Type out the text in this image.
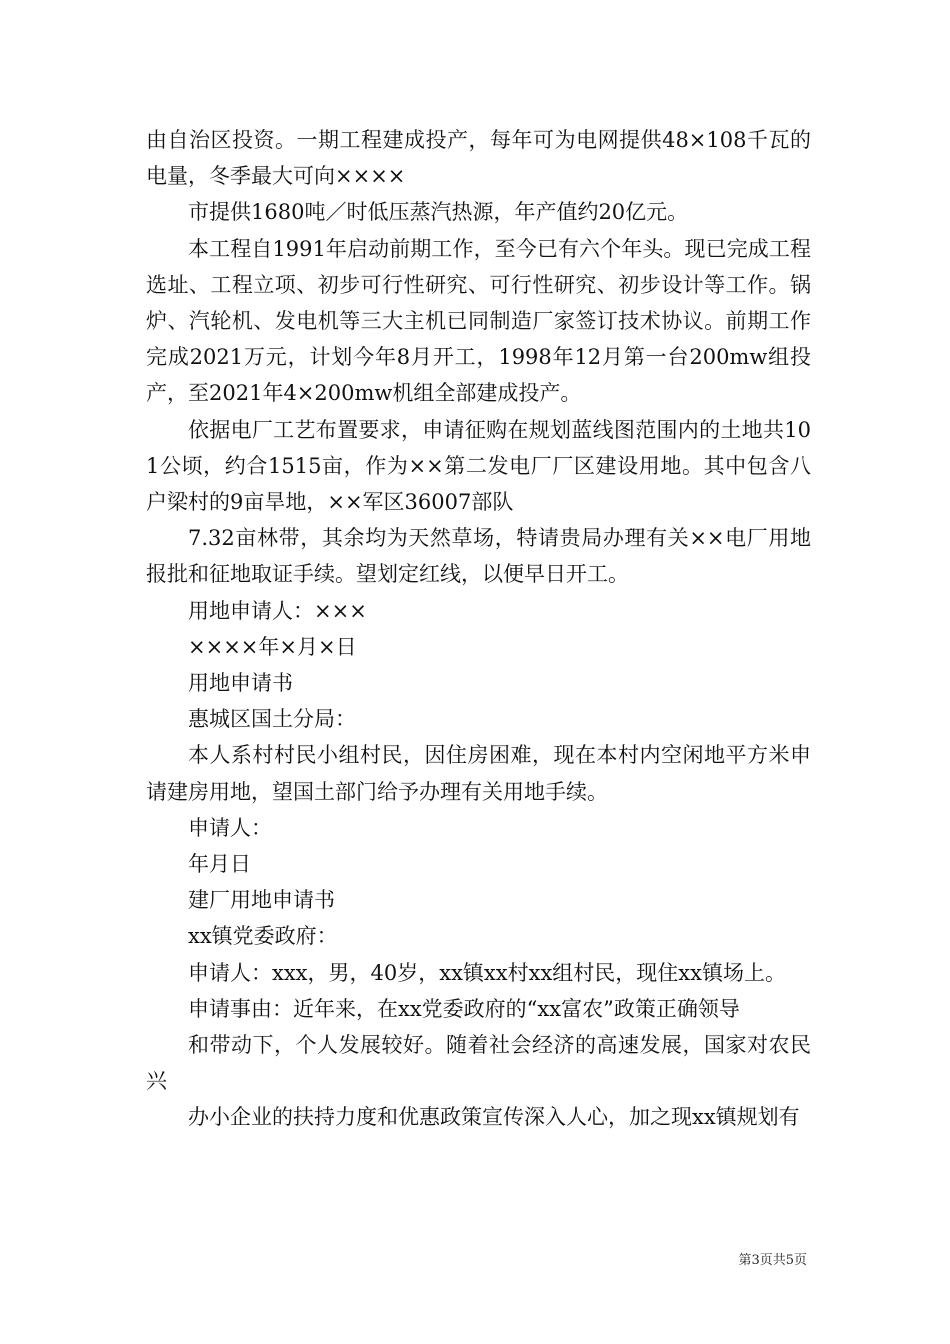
由自治区投资。一期工程建成投产，每年可为电网提供48×108千瓦的电量，冬季最大可向××××
市提供1680吨／时低压蒸汽热源，年产值约20亿元。
本工程自1991年启动前期工作，至今已有六个年头。现已完成工程选址、工程立项、初步可行性研究、可行性研究、初步设计等工作。锅炉、汽轮机、发电机等三大主机已同制造厂家签订技术协议。前期工作完成2021万元，计划今年8月开工，1998年12月第一台200mw组投产，至2021年4×200mw机组全部建成投产。
依据电厂工艺布置要求，申请征购在规划蓝线图范围内的土地共101公顷，约合1515亩，作为××第二发电厂厂区建设用地。其中包含八户梁村的9亩旱地，××军区36007部队
7.32亩林带，其余均为天然草场，特请贵局办理有关××电厂用地报批和征地取证手续。望划定红线，以便早日开工。
用地申请人：×××
××××年×月×日
用地申请书
惠城区国土分局：
本人系村村民小组村民，因住房困难，现在本村内空闲地平方米申请建房用地，望国土部门给予办理有关用地手续。
申请人：
年月日
建厂用地申请书
xx镇党委政府：
申请人：xxx，男，40岁，xx镇xx村xx组村民，现住xx镇场上。
申请事由：近年来，在xx党委政府的“xx富农”政策正确领导
和带动下，个人发展较好。随着社会经济的高速发展，国家对农民兴
办小企业的扶持力度和优惠政策宣传深入人心，加之现xx镇规划有
第3页共5页
